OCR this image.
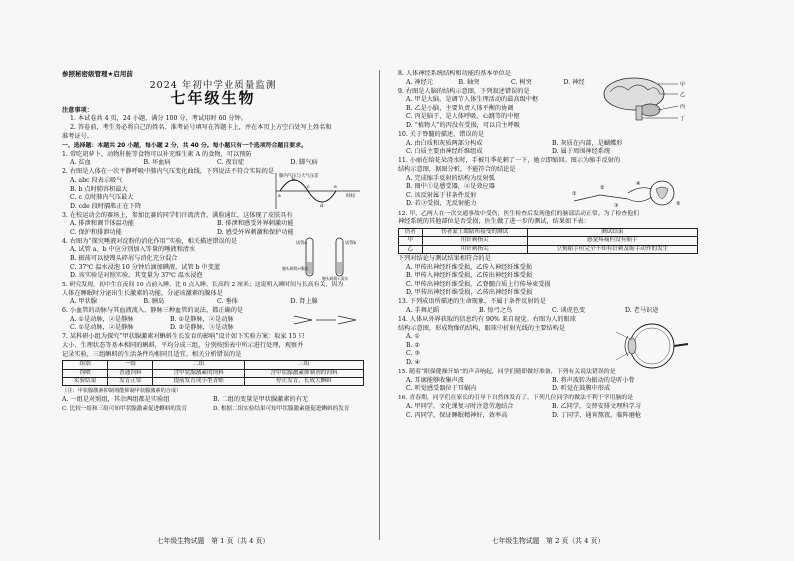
参照秘密级管理★启用前
2024 年初中学业质量监测
七年级生物

注意事项：

1. 本试卷共 4 页，24 小题，满分 100 分，考试用时 60 分钟。

2. 答卷前，考生务必将自己的姓名、准考证号填写在答题卡上，并在本页上方空白处写上姓名和

准考证号。

一、选择题：本题共 20 小题，每小题 2 分，共 40 分。每小题只有一个选项符合题目要求。

1. 常吃胡萝卜、动物肝脏等食物可以补充维生素 A 的食物，可以预防

A. 贫血	B. 坏血病	C. 夜盲症	D. 脚气病

2. 右图是人体在一次平静呼吸中肺内气压变化曲线，下列说法不符合实际的是

A. abc 段表示吸气

B. b 点时肺容积最大

C. c 点时肺内气压最大

D. cde 段时膈肌正在下降

肺内气压与大气压差
a
b
c
d
e
时间

3. 在校运动会的赛场上，参加比赛的同学们汗流浃背，满脸通红，这体现了皮肤具有

A. 排泄和调节体温功能	B. 排泄和感受外界刺激功能
C. 保护和排泄功能	D. 感受外界刺激和保护功能

4. 右图为“探究唾液对淀粉的消化作用”实验，相关描述错误的是

A. 试管 a、b 中应分别加入等量的唾液和清水

B. 振荡可以使馒头碎屑与消化充分混合

C. 37℃ 温水浸泡 10 分钟后滴加碘液，试管 b 中变蓝

D. 该实验是对照实验，其变量为 37℃ 温水浸泡

试管a	试管b
馒头碎屑+唾液
馒头碎屑+清水

5. 研究发现，初中生在夜间 10 点前入睡，比 0 点入睡，长高约 2 厘米；这说明入睡时间与长高有关，因为

人体在睡眠时分泌出生长激素的功能，分泌该激素的腺体是

A. 甲状腺	B. 胰岛	C. 垂体	D. 肾上腺

6. 小血管的动脉与其血液流入、静脉三种血管的说法，都正确的是

A. ①是动脉，②是静脉	B. ①是静脉，②是动脉
C. ①是动脉，②是静脉	D. ②是静脉，③是动脉

7. 某科研小组为探究“甲状腺激素对蝌蚪生长发育的影响”设计如下实验方案：取家 15 只

大小、生理状态等基本相同的蝌蚪，平均分成三组，分别按照表中所示进行处理，观察并

记录实验，三组蝌蚪的生活条件均相同且适宜。相关分析错误的是

组别	一组	二组	三组
饲喂	普通饲料	含甲状腺激素的饲料	含甲状腺激素抑制剂的饲料
实验结果	发育正常	提前发育成小型青蛙	停止发育，长成大蝌蚪

（注：甲状腺激素抑制剂能抑制甲状腺激素的合成）

A. 一组是对照组，其余两组都是实验组	B. 二组的变量是甲状腺激素的有无
C. 比较一组和三组可知甲状腺激素促进蝌蚪的发育	D. 根据二组实验结果可知甲状腺激素能促进蝌蚪的发育
七年级生物试题　第 1 页（共 4 页）

8. 人体神经系统结构和功能的基本单位是

A. 神经元	B. 轴突	C. 树突	D. 神经

9. 右图是人脑的结构示意图，下列叙述错误的是

A. 甲是大脑，是调节人体生理活动的最高级中枢

B. 乙是小脑，主要负责人体平衡的协调

C. 丙是脑干，是人体呼吸、心跳等的中枢

D. “植物人”的丙没有受损，可以自主呼吸

甲
乙
丙
丁

10. 关于脊髓的描述，错误的是

A. 由白质和灰质两部分构成	B. 灰质在内部，是蝴蝶形
C. 白质主要由神经纤维组成	D. 属于周围神经系统

11. 小丽在给花朵浇水时，手被月季花刺了一下，她立即缩回。图示为缩手反射的

结构示意图，据图分析，不能符合的结论是

A. 完成缩手反射的结构为反射弧

B. 图中①是感受器，④是效应器

C. 该反射属于非条件反射

D. 若③受损，无反射能力

①
②
③
④
⑤

12. 甲、乙两人在一次交通事故中受伤，医生检查后发现他们的脑部活动正常。为了检查他们

神经系统的其他部位是否受损，医生做了进一步的测试，结果如下表：

伤者	伤者蒙上眼睛所接受的测试	测试结果
甲	用针刺指尖	感觉疼痛但没有缩手
乙	用针刺指尖	立刻缩手但完全不知有针刺及缩手动作的发生

下列对结论与测试结果相符合的是

A. 甲传出神经纤维受损，乙传入神经纤维受损

B. 甲传入神经纤维受损，乙传出神经纤维受损

C. 甲传出神经纤维受损，乙脊髓白质上行传导束受损

D. 甲传出神经纤维受损，乙传出神经纤维受损

13. 下列成语所描述的生命现象，不属于条件反射的是

A. 手舞足蹈	B. 惊弓之鸟	C. 谈虎色变	D. 老马识途

14. 人体从外界获取的信息约有 90% 来自视觉。右图为人的眼球

结构示意图，形成物像的结构，眼球中折射光线的主要结构是

A. ①

B. ②

C. ③

D. ④

15. 随着“眼保健操开始”的声音响起，同学们随即做好准备，下列有关说法错误的是

A. 耳廓能够收集声波	B. 将声波转为振动的是听小骨
C. 听觉感受器位于耳蜗内	D. 听觉在鼓膜中形成

16. 青春期，同学们在家长的引导下自然体发育了，下列几位同学的做法不利于学用脑的是

A. 甲同学，文化课复习时注意劳逸结合	B. 乙同学，交替安排文理科学习
C. 丙同学，保证睡眠精神好，效率高	D. 丁同学，通宵熬夜，临阵磨枪
七年级生物试题　第 2 页（共 4 页）
